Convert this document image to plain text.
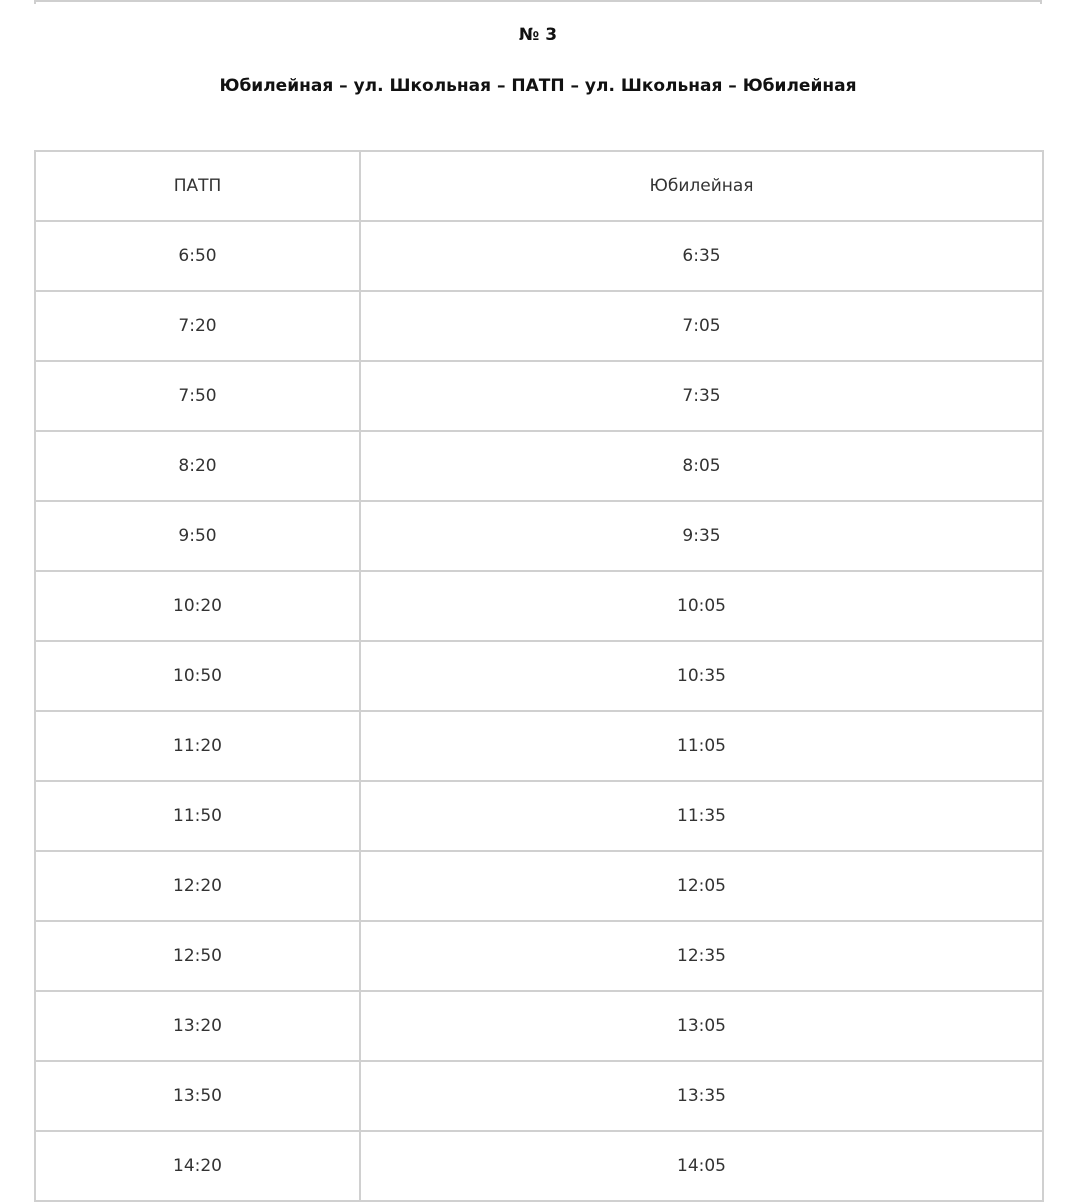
№ 3
Юбилейная – ул. Школьная – ПАТП – ул. Школьная – Юбилейная
ПАТП	Юбилейная
6:50	6:35
7:20	7:05
7:50	7:35
8:20	8:05
9:50	9:35
10:20	10:05
10:50	10:35
11:20	11:05
11:50	11:35
12:20	12:05
12:50	12:35
13:20	13:05
13:50	13:35
14:20	14:05
